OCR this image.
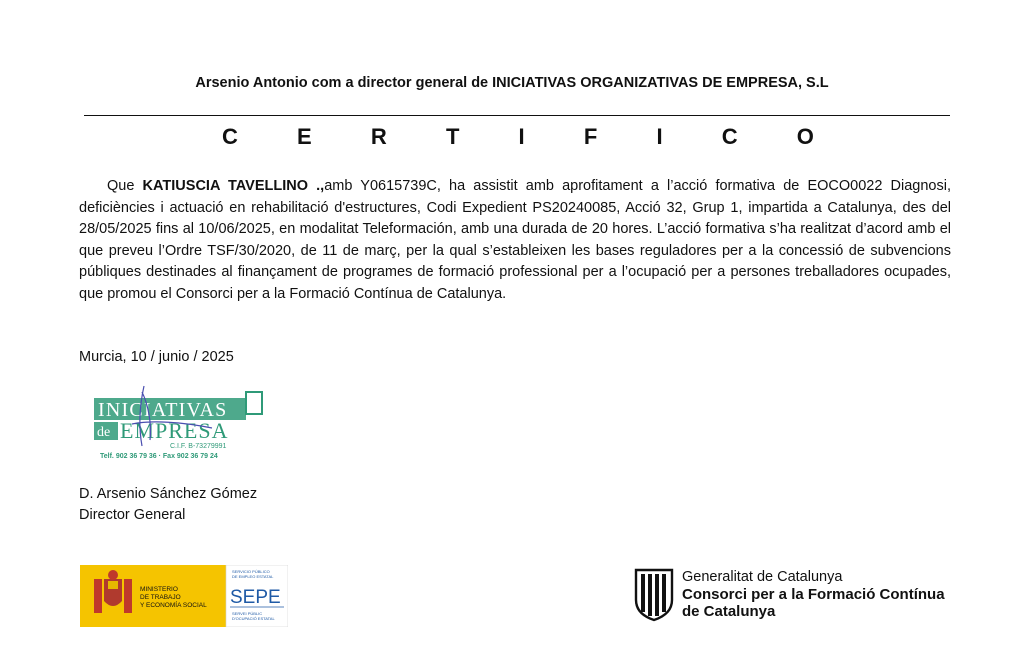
Arsenio Antonio com a director general de INICIATIVAS ORGANIZATIVAS DE EMPRESA, S.L
C	E	R	T	I	F	I	C	O
Que KATIUSCIA TAVELLINO .,amb Y0615739C, ha assistit amb aprofitament a l’acció formativa de EOCO0022 Diagnosi, deficiències i actuació en rehabilitació d'estructures, Codi Expedient PS20240085, Acció 32, Grup 1, impartida a Catalunya, des del 28/05/2025 fins al 10/06/2025, en modalitat Teleformación, amb una durada de 20 hores. L’acció formativa s’ha realitzat d’acord amb el que preveu l’Ordre TSF/30/2020, de 11 de març, per la qual s’estableixen les bases reguladores per a la concessió de subvencions públiques destinades al finançament de programes de formació professional per a l’ocupació per a persones treballadores ocupades, que promou el Consorci per a la Formació Contínua de Catalunya.
Murcia, 10 / junio / 2025
INICIATIVAS
de EMPRESA
C.I.F. B-73279991
Telf. 902 36 79 36 · Fax 902 36 79 24
D. Arsenio Sánchez Gómez
Director General
MINISTERIO
DE TRABAJO
Y ECONOMÍA SOCIAL
SERVICIO PÚBLICO
DE EMPLEO ESTATAL
SEPE
SERVEI PÚBLIC
D'OCUPACIÓ ESTATAL
Generalitat de Catalunya
Consorci per a la Formació Contínua
de Catalunya
